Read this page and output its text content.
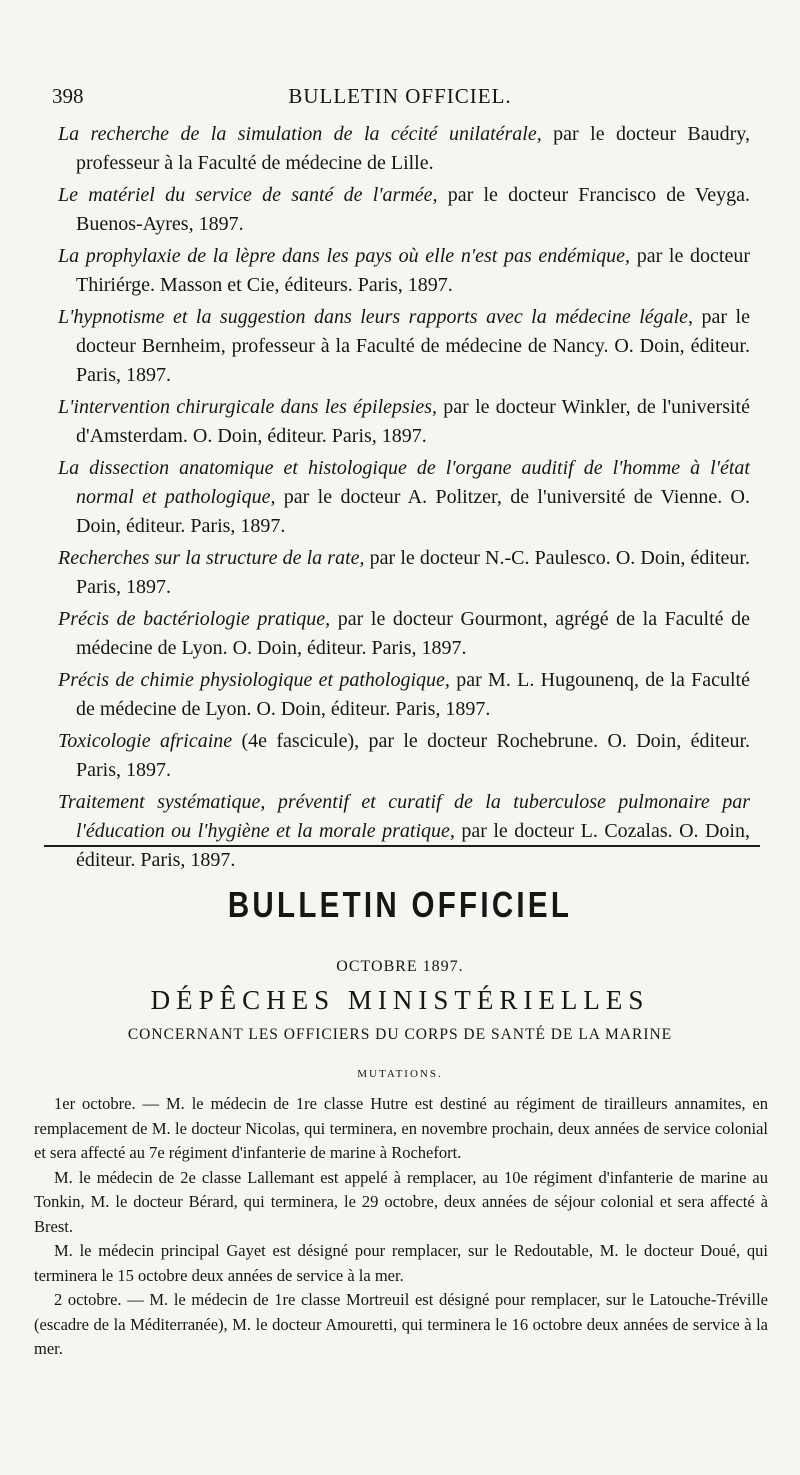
398	BULLETIN OFFICIEL.

La recherche de la simulation de la cécité unilatérale, par le docteur Baudry, professeur à la Faculté de médecine de Lille.

Le matériel du service de santé de l'armée, par le docteur Francisco de Veyga. Buenos-Ayres, 1897.

La prophylaxie de la lèpre dans les pays où elle n'est pas endémique, par le docteur Thiriérge. Masson et Cie, éditeurs. Paris, 1897.

L'hypnotisme et la suggestion dans leurs rapports avec la médecine légale, par le docteur Bernheim, professeur à la Faculté de médecine de Nancy. O. Doin, éditeur. Paris, 1897.

L'intervention chirurgicale dans les épilepsies, par le docteur Winkler, de l'université d'Amsterdam. O. Doin, éditeur. Paris, 1897.

La dissection anatomique et histologique de l'organe auditif de l'homme à l'état normal et pathologique, par le docteur A. Politzer, de l'université de Vienne. O. Doin, éditeur. Paris, 1897.

Recherches sur la structure de la rate, par le docteur N.-C. Paulesco. O. Doin, éditeur. Paris, 1897.

Précis de bactériologie pratique, par le docteur Gourmont, agrégé de la Faculté de médecine de Lyon. O. Doin, éditeur. Paris, 1897.

Précis de chimie physiologique et pathologique, par M. L. Hugounenq, de la Faculté de médecine de Lyon. O. Doin, éditeur. Paris, 1897.

Toxicologie africaine (4e fascicule), par le docteur Rochebrune. O. Doin, éditeur. Paris, 1897.

Traitement systématique, préventif et curatif de la tuberculose pulmonaire par l'éducation ou l'hygiène et la morale pratique, par le docteur L. Cozalas. O. Doin, éditeur. Paris, 1897.

BULLETIN OFFICIEL
OCTOBRE 1897.
DÉPÊCHES MINISTÉRIELLES
CONCERNANT LES OFFICIERS DU CORPS DE SANTÉ DE LA MARINE
MUTATIONS.

1er octobre. — M. le médecin de 1re classe Hutre est destiné au régiment de tirailleurs annamites, en remplacement de M. le docteur Nicolas, qui terminera, en novembre prochain, deux années de service colonial et sera affecté au 7e régiment d'infanterie de marine à Rochefort.

M. le médecin de 2e classe Lallemant est appelé à remplacer, au 10e régiment d'infanterie de marine au Tonkin, M. le docteur Bérard, qui terminera, le 29 octobre, deux années de séjour colonial et sera affecté à Brest.

M. le médecin principal Gayet est désigné pour remplacer, sur le Redoutable, M. le docteur Doué, qui terminera le 15 octobre deux années de service à la mer.

2 octobre. — M. le médecin de 1re classe Mortreuil est désigné pour remplacer, sur le Latouche-Tréville (escadre de la Méditerranée), M. le docteur Amouretti, qui terminera le 16 octobre deux années de service à la mer.
